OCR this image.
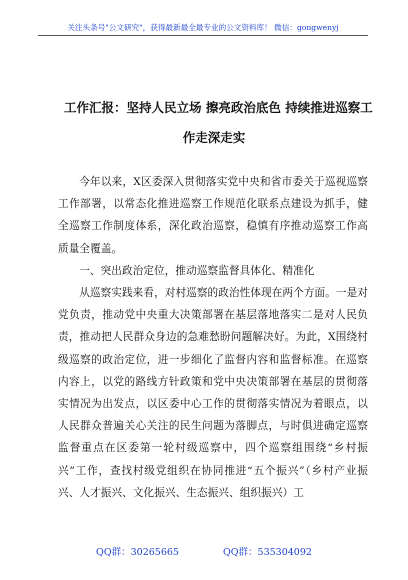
关注头条号"公文研究"，获得最新最全最专业的公文资料库！ 微信：gongwenyj
工作汇报：坚持人民立场 擦亮政治底色 持续推进巡察工
作走深走实

今年以来，X区委深入贯彻落实党中央和省市委关于巡视巡察工作部署，以常态化推进巡察工作规范化联系点建设为抓手，健全巡察工作制度体系，深化政治巡察，稳慎有序推动巡察工作高质量全覆盖。

一、突出政治定位，推动巡察监督具体化、精准化

从巡察实践来看，对村巡察的政治性体现在两个方面。一是对党负责，推动党中央重大决策部署在基层落地落实二是对人民负责，推动把人民群众身边的急难愁盼问题解决好。为此，X围绕村级巡察的政治定位，进一步细化了监督内容和监督标准。在巡察内容上，以党的路线方针政策和党中央决策部署在基层的贯彻落实情况为出发点，以区委中心工作的贯彻落实情况为着眼点，以人民群众普遍关心关注的民生问题为落脚点，与时俱进确定巡察监督重点在区委第一轮村级巡察中，四个巡察组围绕“乡村振兴”工作，查找村级党组织在协同推进“五个振兴”（乡村产业振兴、人才振兴、文化振兴、生态振兴、组织振兴）工

QQ群：30265665	QQ群：535304092
